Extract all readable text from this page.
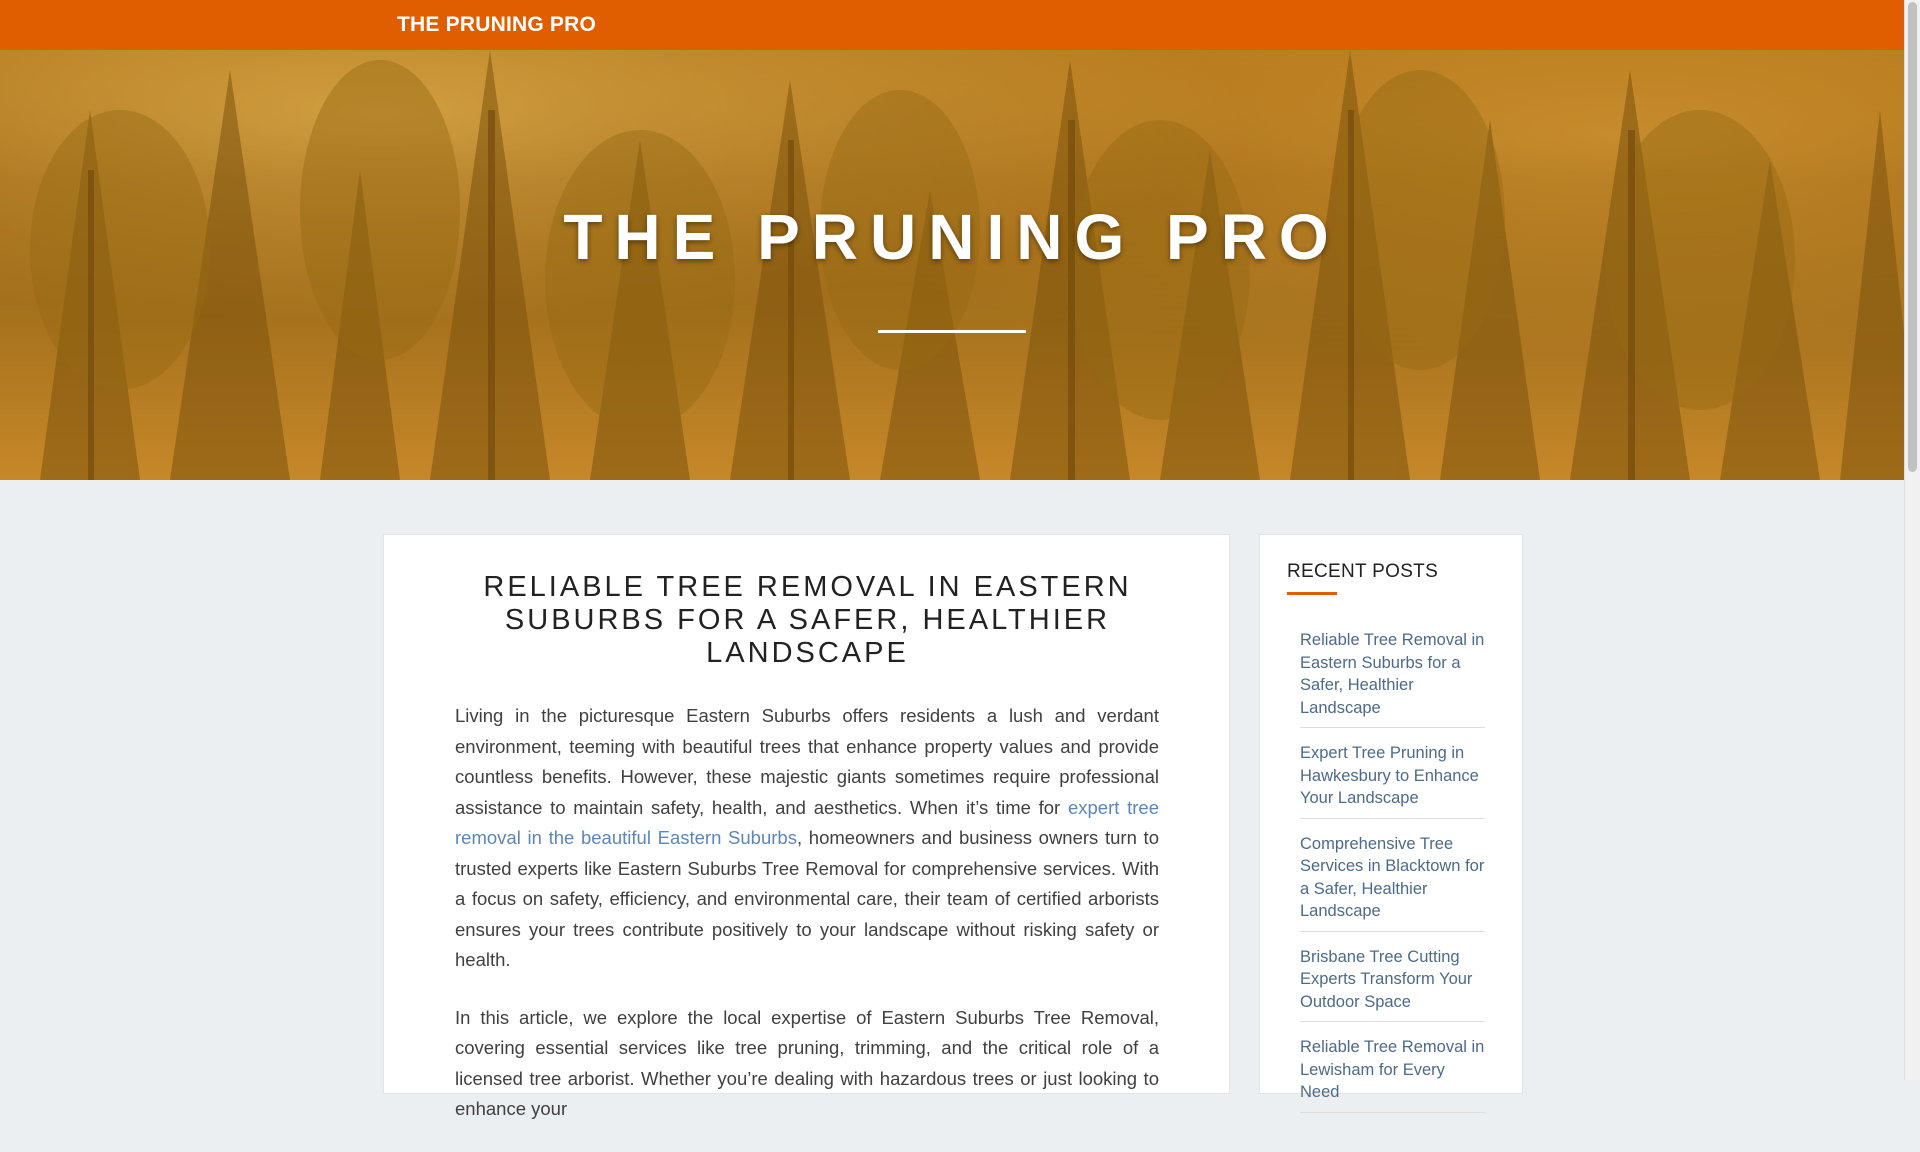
THE PRUNING PRO
THE PRUNING PRO
RELIABLE TREE REMOVAL IN EASTERN SUBURBS FOR A SAFER, HEALTHIER LANDSCAPE

Living in the picturesque Eastern Suburbs offers residents a lush and verdant environment, teeming with beautiful trees that enhance property values and provide countless benefits. However, these majestic giants sometimes require professional assistance to maintain safety, health, and aesthetics. When it’s time for expert tree removal in the beautiful Eastern Suburbs, homeowners and business owners turn to trusted experts like Eastern Suburbs Tree Removal for comprehensive services. With a focus on safety, efficiency, and environmental care, their team of certified arborists ensures your trees contribute positively to your landscape without risking safety or health.

In this article, we explore the local expertise of Eastern Suburbs Tree Removal, covering essential services like tree pruning, trimming, and the critical role of a licensed tree arborist. Whether you’re dealing with hazardous trees or just looking to enhance your

RECENT POSTS
Reliable Tree Removal in Eastern Suburbs for a Safer, Healthier Landscape
Expert Tree Pruning in Hawkesbury to Enhance Your Landscape
Comprehensive Tree Services in Blacktown for a Safer, Healthier Landscape
Brisbane Tree Cutting Experts Transform Your Outdoor Space
Reliable Tree Removal in Lewisham for Every Need
